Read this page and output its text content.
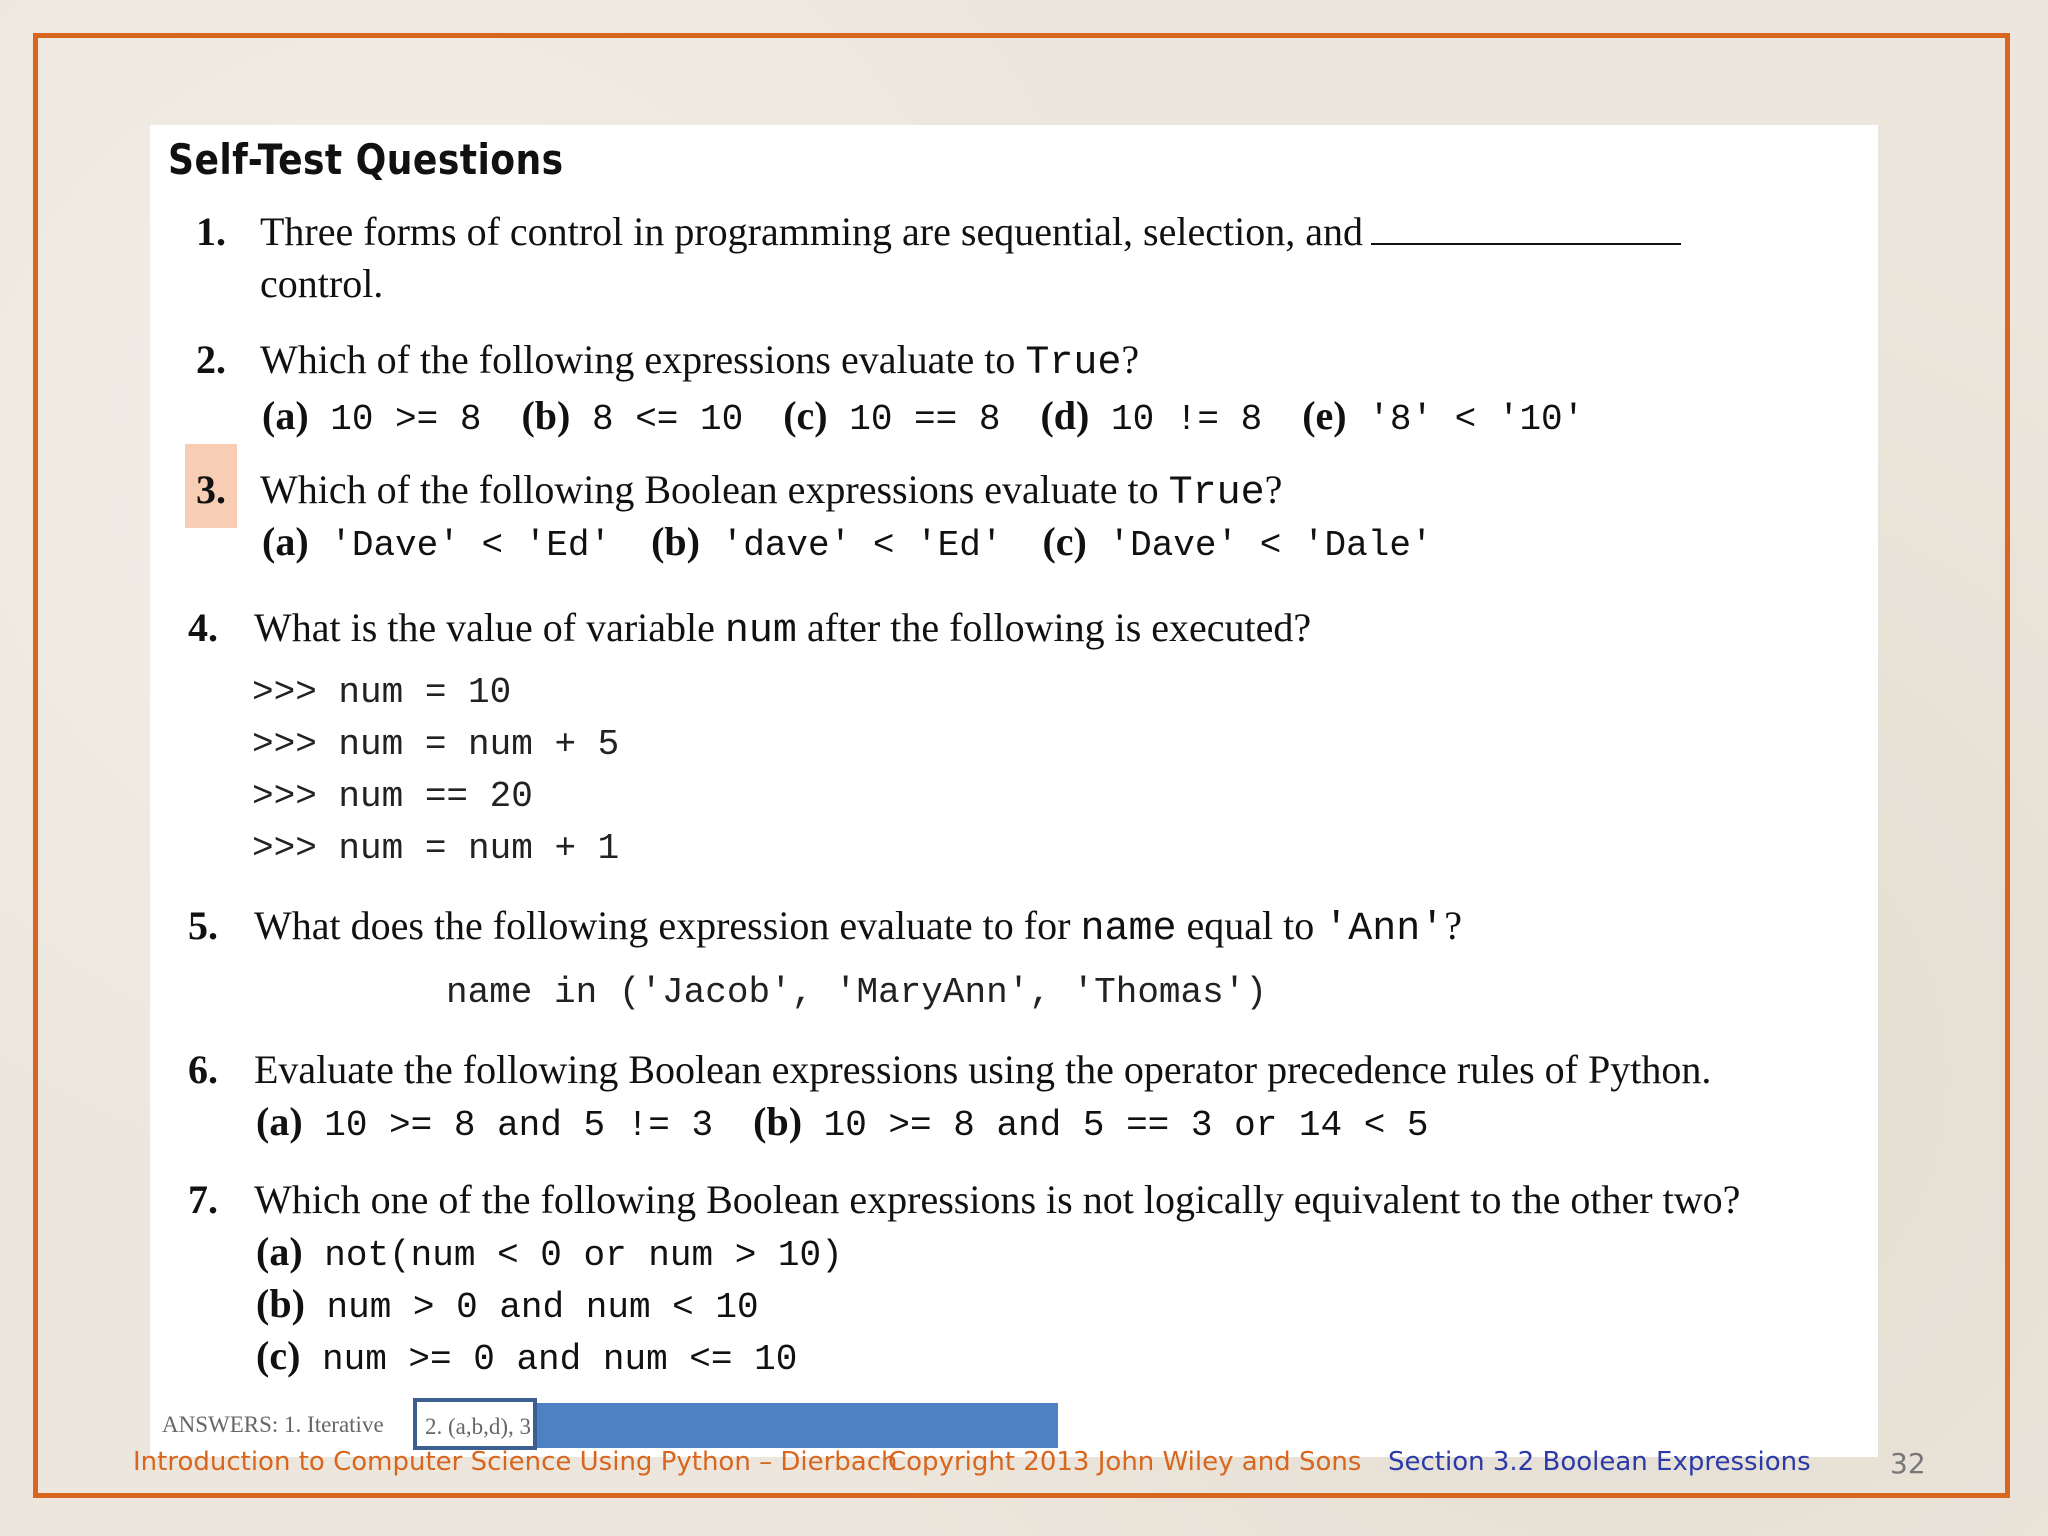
Self-Test Questions
1. Three forms of control in programming are sequential, selection, and
control.
2. Which of the following expressions evaluate to True?
(a) 10 >= 8 (b) 8 <= 10 (c) 10 == 8 (d) 10 != 8 (e) '8' < '10'
3. Which of the following Boolean expressions evaluate to True?
(a) 'Dave' < 'Ed' (b) 'dave' < 'Ed' (c) 'Dave' < 'Dale'
4. What is the value of variable num after the following is executed?
>>> num = 10
>>> num = num + 5
>>> num == 20
>>> num = num + 1
5. What does the following expression evaluate to for name equal to 'Ann'?
name in ('Jacob', 'MaryAnn', 'Thomas')
6. Evaluate the following Boolean expressions using the operator precedence rules of Python.
(a) 10 >= 8 and 5 != 3 (b) 10 >= 8 and 5 == 3 or 14 < 5
7. Which one of the following Boolean expressions is not logically equivalent to the other two?
(a) not(num < 0 or num > 10)
(b) num > 0 and num < 10
(c) num >= 0 and num <= 10
ANSWERS: 1. Iterative 2. (a,b,d), 3
Introduction to Computer Science Using Python – Dierbach
Copyright 2013 John Wiley and Sons Section 3.2 Boolean Expressions	32
